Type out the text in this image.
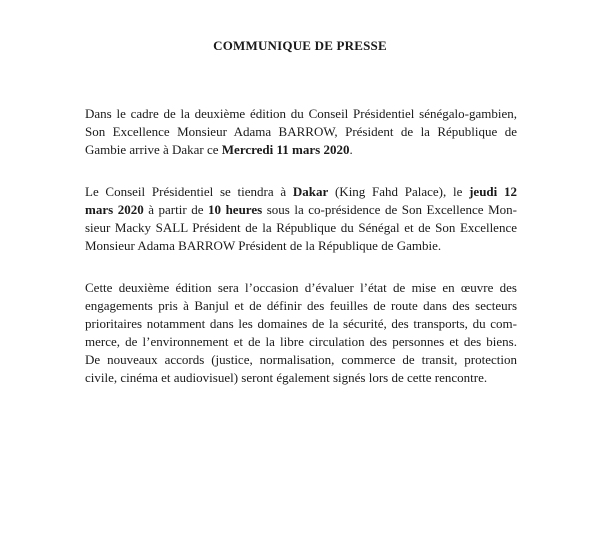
COMMUNIQUE DE PRESSE
Dans le cadre de la deuxième édition du Conseil Présidentiel sénégalo-gambien,
Son Excellence Monsieur Adama BARROW, Président de la République de
Gambie arrive à Dakar ce Mercredi 11 mars 2020.
Le Conseil Présidentiel se tiendra à Dakar (King Fahd Palace), le jeudi 12
mars 2020 à partir de 10 heures sous la co-présidence de Son Excellence Mon-
sieur Macky SALL Président de la République du Sénégal et de Son Excellence
Monsieur Adama BARROW Président de la République de Gambie.
Cette deuxième édition sera l’occasion d’évaluer l’état de mise en œuvre des
engagements pris à Banjul et de définir des feuilles de route dans des secteurs
prioritaires notamment dans les domaines de la sécurité, des transports, du com-
merce, de l’environnement et de la libre circulation des personnes et des biens.
De nouveaux accords (justice, normalisation, commerce de transit, protection
civile, cinéma et audiovisuel) seront également signés lors de cette rencontre.
